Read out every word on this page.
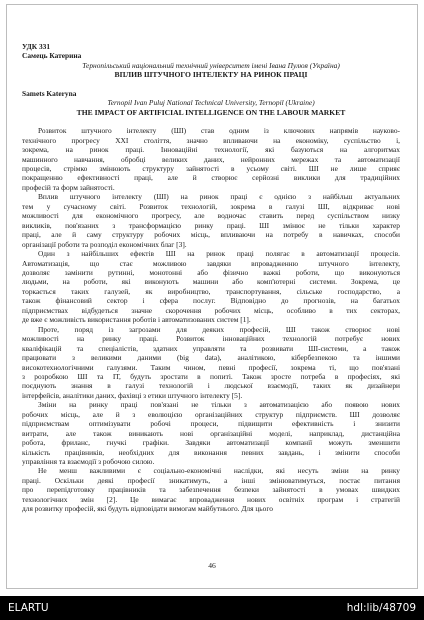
УДК 331
Самець Катерина
Тернопільський національний технічний університет імені Івана Пулюя (Україна)
ВПЛИВ ШТУЧНОГО ІНТЕЛЕКТУ НА РИНОК ПРАЦІ
Samets Kateryna
Ternopil Ivan Puluj National Technical University, Ternopil (Ukraine)
THE IMPACT OF ARTIFICIAL INTELLIGENCE ON THE LABOUR MARKET
Розвиток штучного інтелекту (ШІ) став одним із ключових напрямів науково-
технічного прогресу XXI століття, значно впливаючи на економіку, суспільство і,
зокрема, на ринок праці. Інноваційні технології, які базуються на алгоритмах
машинного навчання, обробці великих даних, нейронних мережах та автоматизації
процесів, стрімко змінюють структуру зайнятості в усьому світі. ШІ не лише сприяє
покращенню ефективності праці, але й створює серйозні виклики для традиційних
професій та форм зайнятості.
Вплив штучного інтелекту (ШІ) на ринок праці є однією з найбільш актуальних
тем у сучасному світі. Розвиток технологій, зокрема в галузі ШІ, відкриває нові
можливості для економічного прогресу, але водночас ставить перед суспільством низку
викликів, пов'язаних з трансформацією ринку праці. ШІ змінює не тільки характер
праці, але й саму структуру робочих місць, впливаючи на потребу в навичках, способи
організації роботи та розподіл економічних благ [3].
Один з найбільших ефектів ШІ на ринок праці полягає в автоматизації процесів.
Автоматизація, що стає можливою завдяки впровадженню штучного інтелекту,
дозволяє замінити рутинні, монотонні або фізично важкі роботи, що виконуються
людьми, на роботи, які виконують машини або комп'ютерні системи. Зокрема, це
торкається таких галузей, як виробництво, транспортування, сільське господарство, а
також фінансовий сектор і сфера послуг. Відповідно до прогнозів, на багатьох
підприємствах відбудеться значне скорочення робочих місць, особливо в тих секторах,
де вже є можливість використання роботів і автоматизованих систем [1].
Проте, поряд із загрозами для деяких професій, ШІ також створює нові
можливості на ринку праці. Розвиток інноваційних технологій потребує нових
кваліфікацій та спеціалістів, здатних управляти та розвивати ШІ-системи, а також
працювати з великими даними (big data), аналітикою, кібербезпекою та іншими
високотехнологічними галузями. Таким чином, певні професії, зокрема ті, що пов'язані
з розробкою ШІ та ІТ, будуть зростати в попиті. Також зросте потреба в професіях, які
поєднують знання в галузі технологій і людської взаємодії, таких як дизайнери
інтерфейсів, аналітики даних, фахівці з етики штучного інтелекту [5].
Зміни на ринку праці пов'язані не тільки з автоматизацією або появою нових
робочих місць, але й з еволюцією організаційних структур підприємств. ШІ дозволяє
підприємствам оптимізувати робочі процеси, підвищити ефективність і знизити
витрати, але також виникають нові організаційні моделі, наприклад, дистанційна
робота, фриланс, гнучкі графіки. Завдяки автоматизації компанії можуть зменшити
кількість працівників, необхідних для виконання певних завдань, і змінити способи
управління та взаємодії з робочою силою.
Не менш важливими є соціально-економічні наслідки, які несуть зміни на ринку
праці. Оскільки деякі професії зникатимуть, а інші змінюватимуться, постає питання
про перепідготовку працівників та забезпечення безпеки зайнятості в умовах швидких
технологічних змін [2]. Це вимагає впровадження нових освітніх програм і стратегій
для розвитку професій, які будуть відповідати вимогам майбутнього. Для цього
46
ELARTU	hdl:lib/48709
